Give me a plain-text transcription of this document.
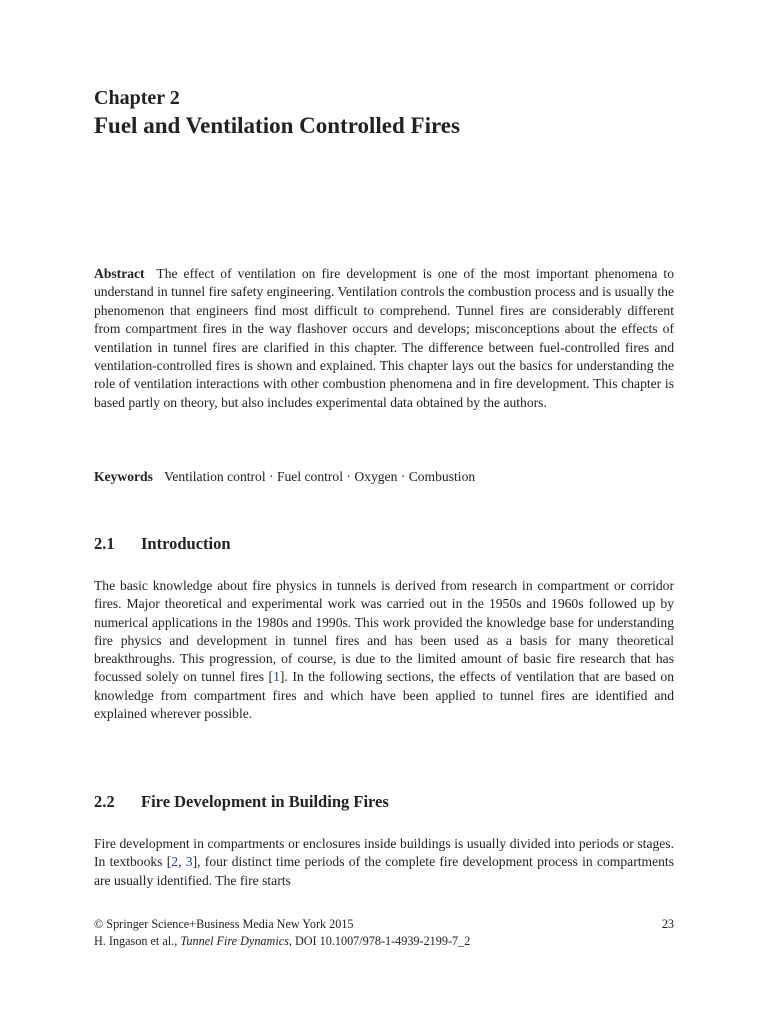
Chapter 2
Fuel and Ventilation Controlled Fires
Abstract The effect of ventilation on fire development is one of the most important phenomena to understand in tunnel fire safety engineering. Ventilation controls the combustion process and is usually the phenomenon that engineers find most difficult to comprehend. Tunnel fires are considerably different from compartment fires in the way flashover occurs and develops; misconceptions about the effects of ventilation in tunnel fires are clarified in this chapter. The difference between fuel-controlled fires and ventilation-controlled fires is shown and explained. This chapter lays out the basics for understanding the role of ventilation interactions with other combustion phenomena and in fire development. This chapter is based partly on theory, but also includes experimental data obtained by the authors.
Keywords Ventilation control · Fuel control · Oxygen · Combustion
2.1 Introduction
The basic knowledge about fire physics in tunnels is derived from research in compartment or corridor fires. Major theoretical and experimental work was carried out in the 1950s and 1960s followed up by numerical applications in the 1980s and 1990s. This work provided the knowledge base for understanding fire physics and development in tunnel fires and has been used as a basis for many theoretical breakthroughs. This progression, of course, is due to the limited amount of basic fire research that has focussed solely on tunnel fires [1]. In the following sections, the effects of ventilation that are based on knowledge from compartment fires and which have been applied to tunnel fires are identified and explained wherever possible.
2.2 Fire Development in Building Fires
Fire development in compartments or enclosures inside buildings is usually divided into periods or stages. In textbooks [2, 3], four distinct time periods of the complete fire development process in compartments are usually identified. The fire starts
© Springer Science+Business Media New York 2015	23
H. Ingason et al., Tunnel Fire Dynamics, DOI 10.1007/978-1-4939-2199-7_2
